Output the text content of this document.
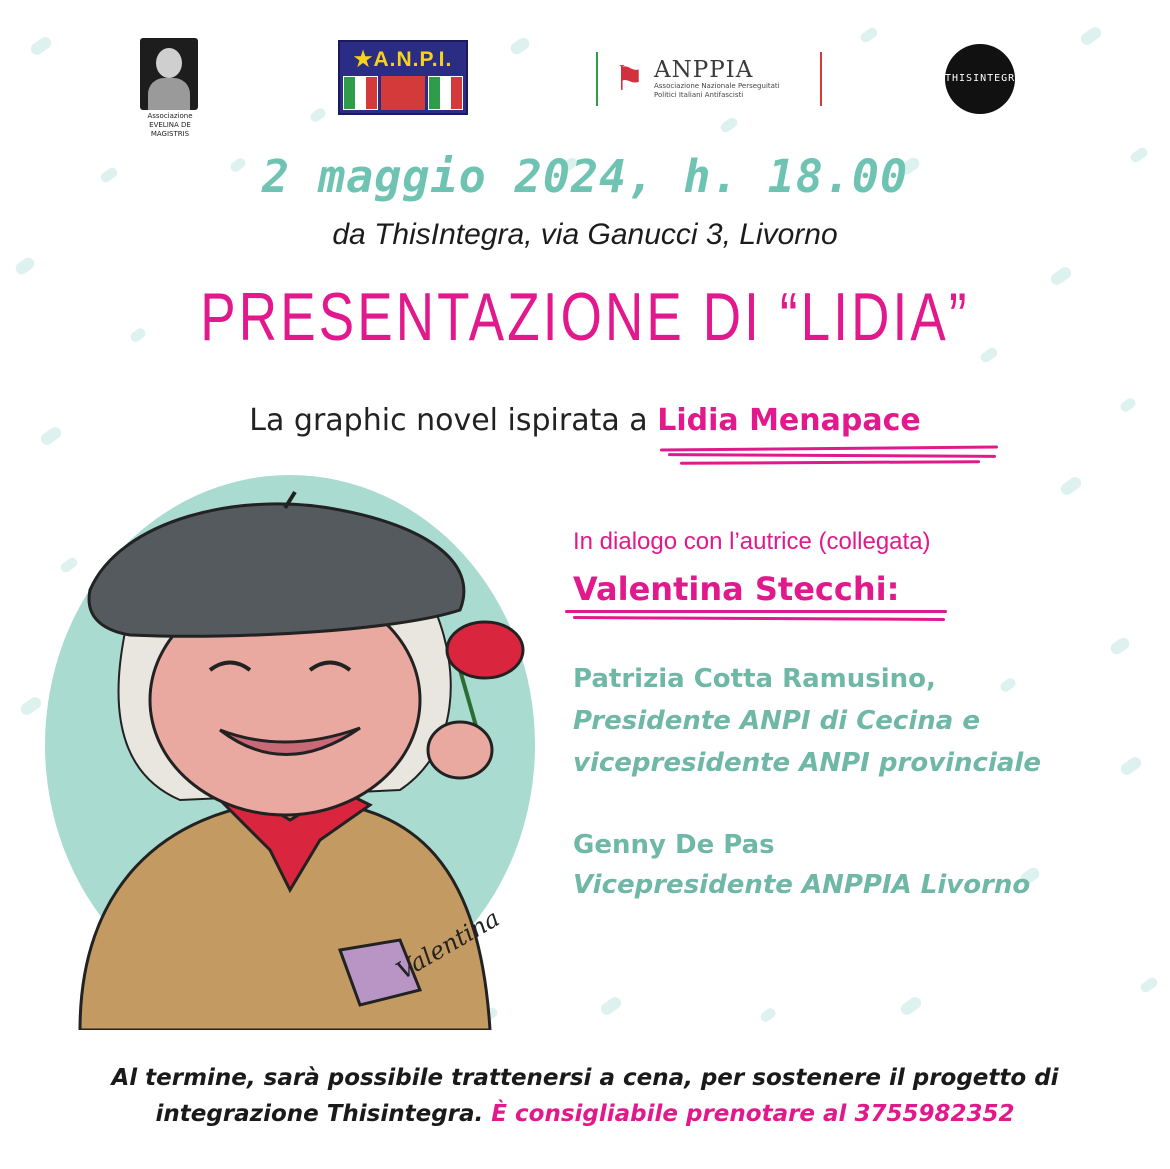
Associazione
EVELINA DE MAGISTRIS
★A.N.P.I.	⚑ ANPPIA
Associazione Nazionale Perseguitati
Politici Italiani Antifascisti
THISINTEGRA
2 maggio 2024, h. 18.00
da ThisIntegra, via Ganucci 3, Livorno
PRESENTAZIONE DI “LIDIA”
La graphic novel ispirata a Lidia Menapace
Valentina
In dialogo con l’autrice (collegata)
Valentina Stecchi:
Patrizia Cotta Ramusino,
Presidente ANPI di Cecina e
vicepresidente ANPI provinciale
Genny De Pas
Vicepresidente ANPPIA Livorno
Al termine, sarà possibile trattenersi a cena, per sostenere il progetto di
integrazione Thisintegra. È consigliabile prenotare al 3755982352
